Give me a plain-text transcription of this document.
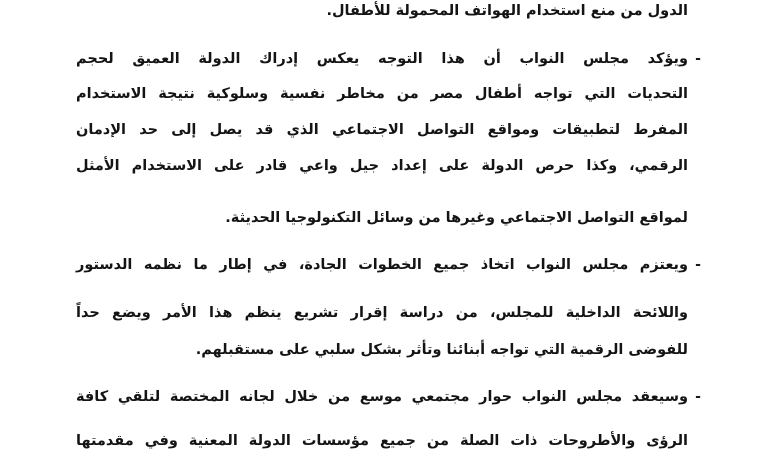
الدول من منع استخدام الهواتف المحمولة للأطفال.
-
ويؤكد مجلس النواب أن هذا التوجه يعكس إدراك الدولة العميق لحجم
التحديات التي تواجه أطفال مصر من مخاطر نفسية وسلوكية نتيجة الاستخدام
المفرط لتطبيقات ومواقع التواصل الاجتماعي الذي قد يصل إلى حد الإدمان
الرقمي، وكذا حرص الدولة على إعداد جيل واعي قادر على الاستخدام الأمثل
لمواقع التواصل الاجتماعي وغيرها من وسائل التكنولوجيا الحديثة.
-
ويعتزم مجلس النواب اتخاذ جميع الخطوات الجادة، في إطار ما نظمه الدستور
واللائحة الداخلية للمجلس، من دراسة إقرار تشريع ينظم هذا الأمر ويضع حداً
للفوضى الرقمية التي تواجه أبنائنا وتأثر بشكل سلبي على مستقبلهم.
-
وسيعقد مجلس النواب حوار مجتمعي موسع من خلال لجانه المختصة لتلقي كافة
الرؤى والأطروحات ذات الصلة من جميع مؤسسات الدولة المعنية وفي مقدمتها
